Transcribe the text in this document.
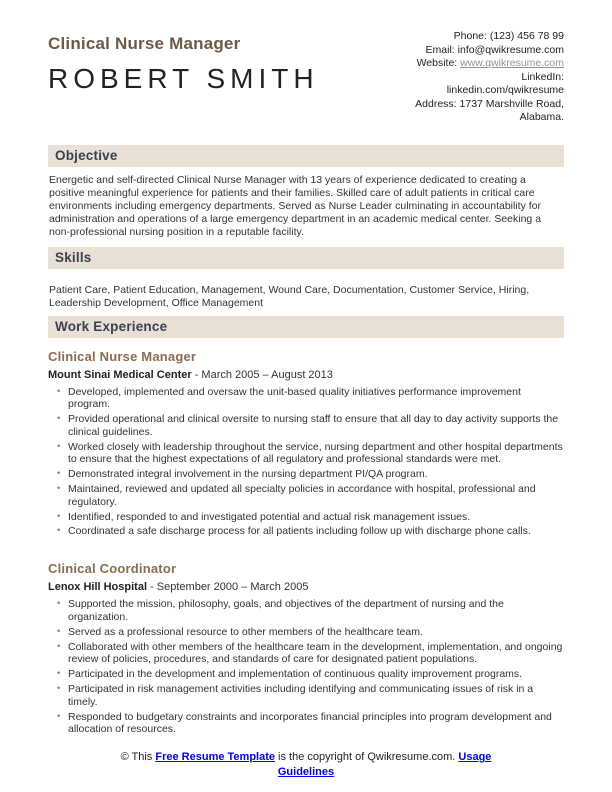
Clinical Nurse Manager
ROBERT SMITH
Phone: (123) 456 78 99
Email: info@qwikresume.com
Website: www.qwikresume.com
LinkedIn:
linkedin.com/qwikresume
Address: 1737 Marshville Road,
Alabama.
Objective

Energetic and self-directed Clinical Nurse Manager with 13 years of experience dedicated to creating a positive meaningful experience for patients and their families. Skilled care of adult patients in critical care environments including emergency departments. Served as Nurse Leader culminating in accountability for administration and operations of a large emergency department in an academic medical center. Seeking a non-professional nursing position in a reputable facility.

Skills

Patient Care, Patient Education, Management, Wound Care, Documentation, Customer Service, Hiring, Leadership Development, Office Management

Work Experience
Clinical Nurse Manager
Mount Sinai Medical Center - March 2005 – August 2013
• Developed, implemented and oversaw the unit-based quality initiatives performance improvement program.
• Provided operational and clinical oversite to nursing staff to ensure that all day to day activity supports the clinical guidelines.
• Worked closely with leadership throughout the service, nursing department and other hospital departments to ensure that the highest expectations of all regulatory and professional standards were met.
• Demonstrated integral involvement in the nursing department PI/QA program.
• Maintained, reviewed and updated all specialty policies in accordance with hospital, professional and regulatory.
• Identified, responded to and investigated potential and actual risk management issues.
• Coordinated a safe discharge process for all patients including follow up with discharge phone calls.
Clinical Coordinator
Lenox Hill Hospital - September 2000 – March 2005
• Supported the mission, philosophy, goals, and objectives of the department of nursing and the organization.
• Served as a professional resource to other members of the healthcare team.
• Collaborated with other members of the healthcare team in the development, implementation, and ongoing review of policies, procedures, and standards of care for designated patient populations.
• Participated in the development and implementation of continuous quality improvement programs.
• Participated in risk management activities including identifying and communicating issues of risk in a timely.
• Responded to budgetary constraints and incorporates financial principles into program development and allocation of resources.
© This Free Resume Template is the copyright of Qwikresume.com. Usage
Guidelines
